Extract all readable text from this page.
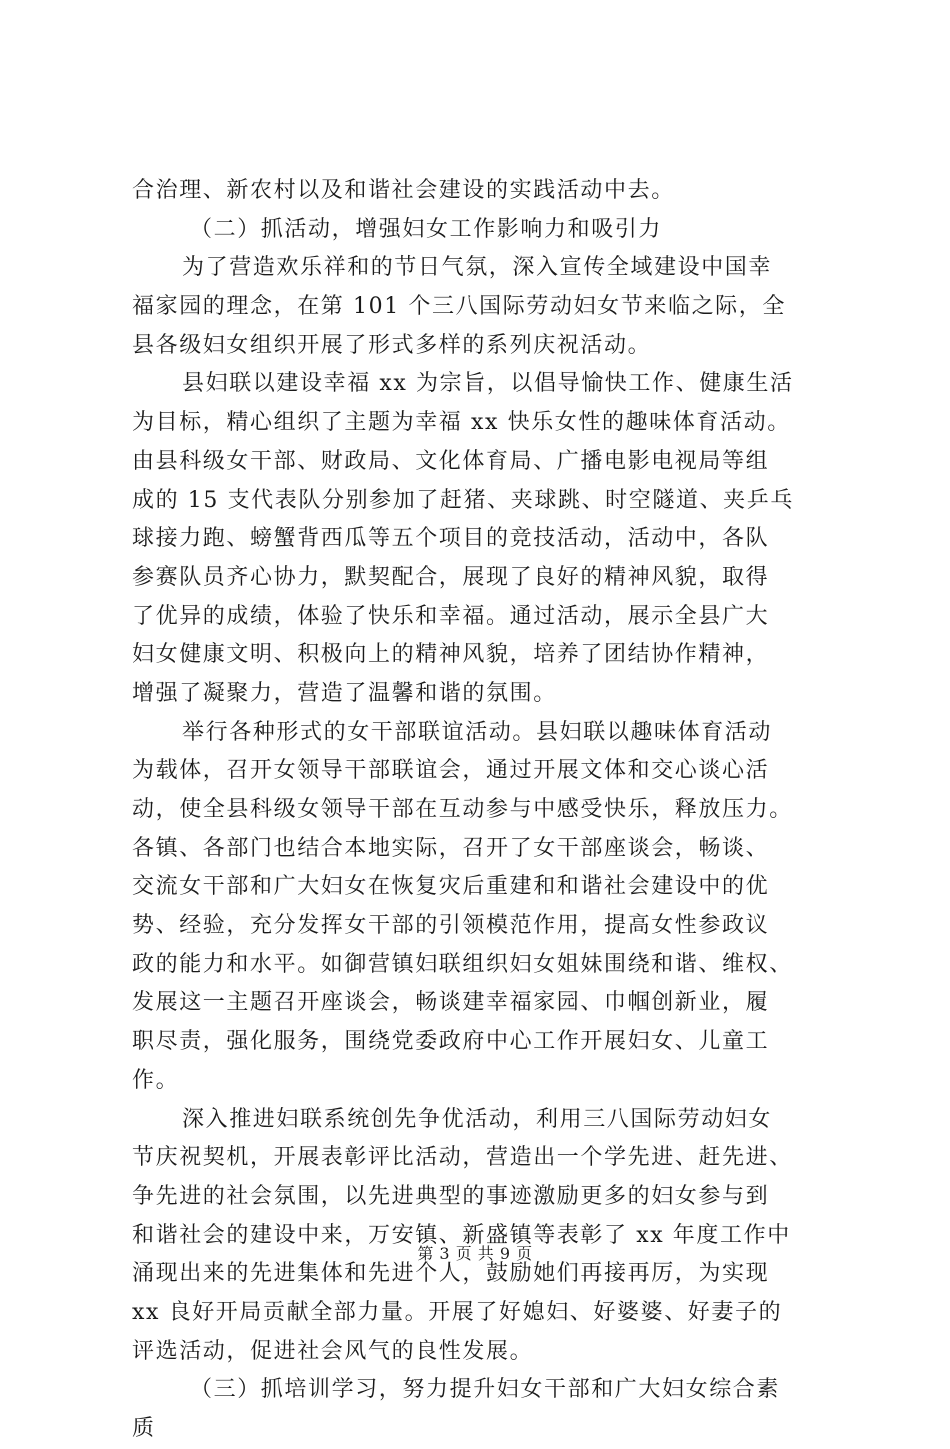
合治理、新农村以及和谐社会建设的实践活动中去。
（二）抓活动，增强妇女工作影响力和吸引力
为了营造欢乐祥和的节日气氛，深入宣传全域建设中国幸
福家园的理念，在第 101 个三八国际劳动妇女节来临之际，全
县各级妇女组织开展了形式多样的系列庆祝活动。
县妇联以建设幸福 xx 为宗旨，以倡导愉快工作、健康生活
为目标，精心组织了主题为幸福 xx 快乐女性的趣味体育活动。
由县科级女干部、财政局、文化体育局、广播电影电视局等组
成的 15 支代表队分别参加了赶猪、夹球跳、时空隧道、夹乒乓
球接力跑、螃蟹背西瓜等五个项目的竞技活动，活动中，各队
参赛队员齐心协力，默契配合，展现了良好的精神风貌，取得
了优异的成绩，体验了快乐和幸福。通过活动，展示全县广大
妇女健康文明、积极向上的精神风貌，培养了团结协作精神，
增强了凝聚力，营造了温馨和谐的氛围。
举行各种形式的女干部联谊活动。县妇联以趣味体育活动
为载体，召开女领导干部联谊会，通过开展文体和交心谈心活
动，使全县科级女领导干部在互动参与中感受快乐，释放压力。
各镇、各部门也结合本地实际，召开了女干部座谈会，畅谈、
交流女干部和广大妇女在恢复灾后重建和和谐社会建设中的优
势、经验，充分发挥女干部的引领模范作用，提高女性参政议
政的能力和水平。如御营镇妇联组织妇女姐妹围绕和谐、维权、
发展这一主题召开座谈会，畅谈建幸福家园、巾帼创新业，履
职尽责，强化服务，围绕党委政府中心工作开展妇女、儿童工
作。
深入推进妇联系统创先争优活动，利用三八国际劳动妇女
节庆祝契机，开展表彰评比活动，营造出一个学先进、赶先进、
争先进的社会氛围，以先进典型的事迹激励更多的妇女参与到
和谐社会的建设中来，万安镇、新盛镇等表彰了 xx 年度工作中
涌现出来的先进集体和先进个人，鼓励她们再接再厉，为实现
xx 良好开局贡献全部力量。开展了好媳妇、好婆婆、好妻子的
评选活动，促进社会风气的良性发展。
（三）抓培训学习，努力提升妇女干部和广大妇女综合素
质
第 3 页 共 9 页
